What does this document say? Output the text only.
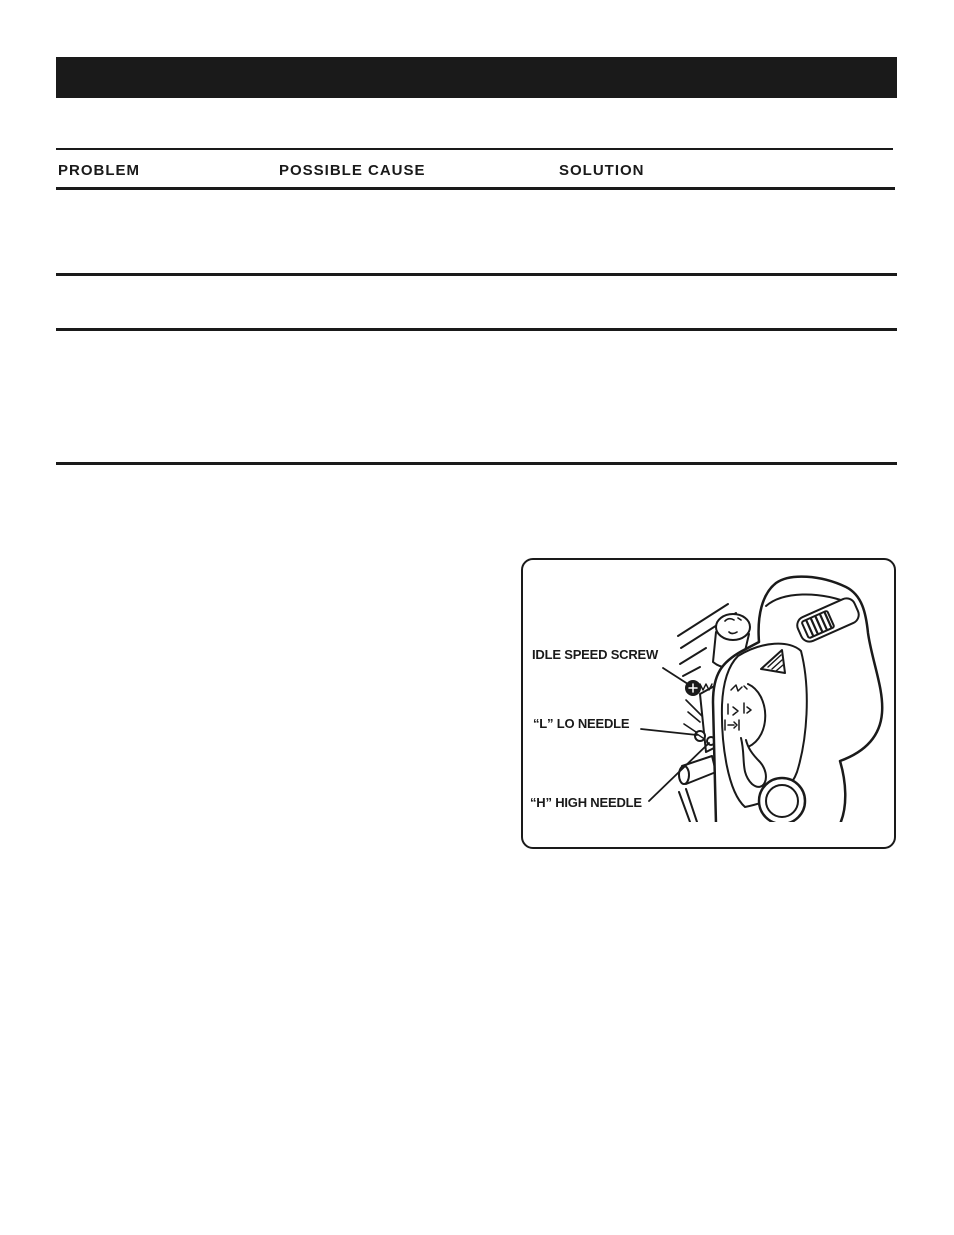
PROBLEM	POSSIBLE CAUSE	SOLUTION
IDLE SPEED SCREW
“L” LO NEEDLE
“H” HIGH NEEDLE
